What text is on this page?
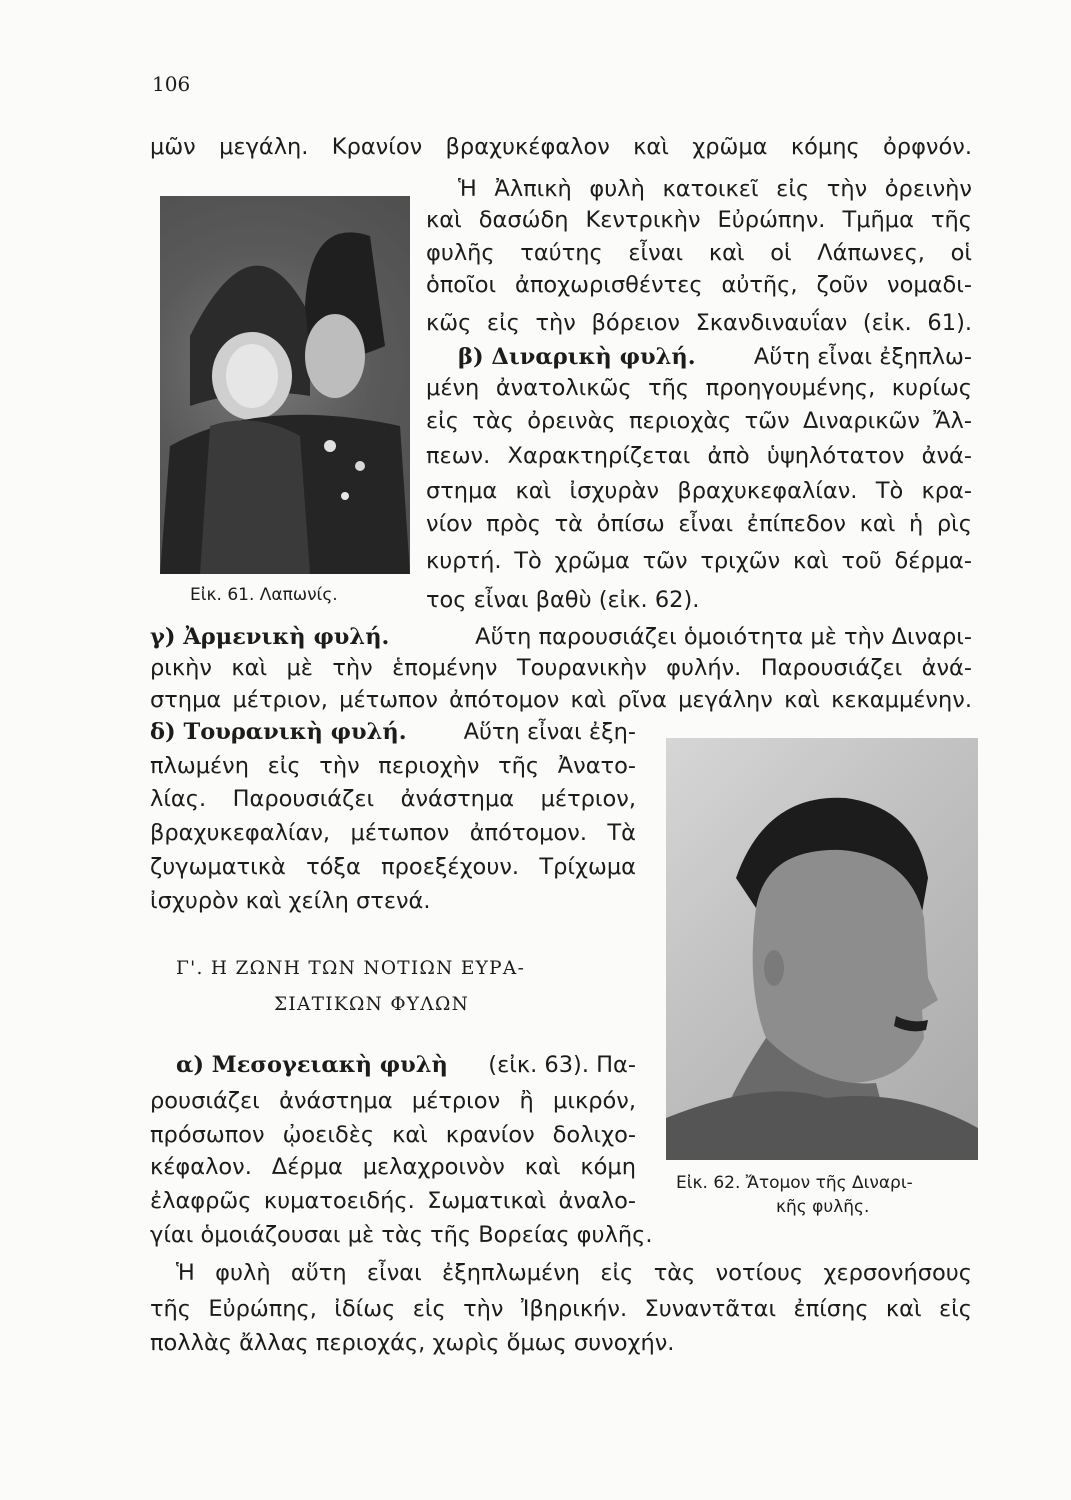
106
μῶν μεγάλη. Κρανίον βραχυκέφαλον καὶ χρῶμα κόμης ὀρφνόν.
Ἡ Ἀλπικὴ φυλὴ κατοικεῖ εἰς τὴν ὀρεινὴν
καὶ δασώδη Κεντρικὴν Εὐρώπην. Τμῆμα τῆς
φυλῆς ταύτης εἶναι καὶ οἱ Λάπωνες, οἱ
ὁποῖοι ἀποχωρισθέντες αὐτῆς, ζοῦν νομαδι-
κῶς εἰς τὴν βόρειον Σκανδιναυΐαν (εἰκ. 61).
β) Διναρικὴ φυλή.	Αὕτη εἶναι ἐξηπλω-
μένη ἀνατολικῶς τῆς προηγουμένης, κυρίως
εἰς τὰς ὀρεινὰς περιοχὰς τῶν Διναρικῶν Ἄλ-
πεων. Χαρακτηρίζεται ἀπὸ ὑψηλότατον ἀνά-
στημα καὶ ἰσχυρὰν βραχυκεφαλίαν. Τὸ κρα-
νίον πρὸς τὰ ὀπίσω εἶναι ἐπίπεδον καὶ ἡ ρὶς
κυρτή. Τὸ χρῶμα τῶν τριχῶν καὶ τοῦ δέρμα-
τος εἶναι βαθὺ (εἰκ. 62).
Εἰκ. 61. Λαπωνίς.
γ) Ἀρμενικὴ φυλή.	Αὕτη παρουσιάζει ὁμοιότητα μὲ τὴν Διναρι-
ρικὴν καὶ μὲ τὴν ἑπομένην Τουρανικὴν φυλήν. Παρουσιάζει ἀνά-
στημα μέτριον, μέτωπον ἀπότομον καὶ ρῖνα μεγάλην καὶ κεκαμμένην.
δ) Τουρανικὴ φυλή.	Αὕτη εἶναι ἐξη-
πλωμένη εἰς τὴν περιοχὴν τῆς Ἀνατο-
λίας. Παρουσιάζει ἀνάστημα μέτριον,
βραχυκεφαλίαν, μέτωπον ἀπότομον. Τὰ
ζυγωματικὰ τόξα προεξέχουν. Τρίχωμα
ἰσχυρὸν καὶ χείλη στενά.
Γ'. Η ΖΩΝΗ ΤΩΝ ΝΟΤΙΩΝ ΕΥΡΑ-
ΣΙΑΤΙΚΩΝ ΦΥΛΩΝ
α) Μεσογειακὴ φυλὴ (εἰκ. 63). Πα-
ρουσιάζει ἀνάστημα μέτριον ἢ μικρόν,
πρόσωπον ᾠοειδὲς καὶ κρανίον δολιχο-
κέφαλον. Δέρμα μελαχροινὸν καὶ κόμη
ἐλαφρῶς κυματοειδής. Σωματικαὶ ἀναλο-
γίαι ὁμοιάζουσαι μὲ τὰς τῆς Βορείας φυλῆς.
Εἰκ. 62. Ἄτομον τῆς Διναρι-
κῆς φυλῆς.
Ἡ φυλὴ αὕτη εἶναι ἐξηπλωμένη εἰς τὰς νοτίους χερσονήσους
τῆς Εὐρώπης, ἰδίως εἰς τὴν Ἰβηρικήν. Συναντᾶται ἐπίσης καὶ εἰς
πολλὰς ἄλλας περιοχάς, χωρὶς ὅμως συνοχήν.
